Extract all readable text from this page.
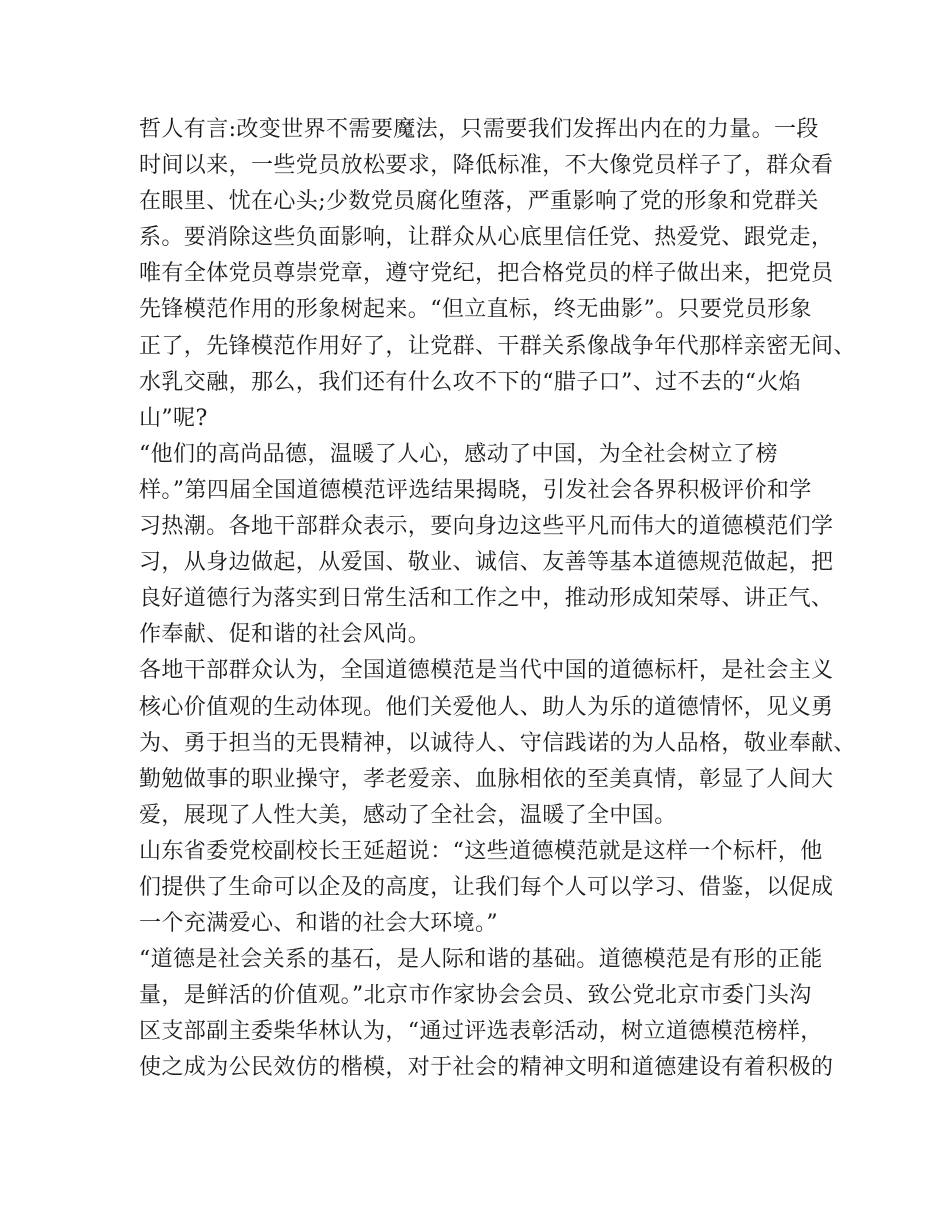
哲人有言:改变世界不需要魔法，只需要我们发挥出内在的力量。一段
时间以来，一些党员放松要求，降低标准，不大像党员样子了，群众看
在眼里、忧在心头;少数党员腐化堕落，严重影响了党的形象和党群关
系。要消除这些负面影响，让群众从心底里信任党、热爱党、跟党走，
唯有全体党员尊崇党章，遵守党纪，把合格党员的样子做出来，把党员
先锋模范作用的形象树起来。“但立直标，终无曲影”。只要党员形象
正了，先锋模范作用好了，让党群、干群关系像战争年代那样亲密无间、
水乳交融，那么，我们还有什么攻不下的“腊子口”、过不去的“火焰
山”呢?
“他们的高尚品德，温暖了人心，感动了中国，为全社会树立了榜
样。”第四届全国道德模范评选结果揭晓，引发社会各界积极评价和学
习热潮。各地干部群众表示，要向身边这些平凡而伟大的道德模范们学
习，从身边做起，从爱国、敬业、诚信、友善等基本道德规范做起，把
良好道德行为落实到日常生活和工作之中，推动形成知荣辱、讲正气、
作奉献、促和谐的社会风尚。
各地干部群众认为，全国道德模范是当代中国的道德标杆，是社会主义
核心价值观的生动体现。他们关爱他人、助人为乐的道德情怀，见义勇
为、勇于担当的无畏精神，以诚待人、守信践诺的为人品格，敬业奉献、
勤勉做事的职业操守，孝老爱亲、血脉相依的至美真情，彰显了人间大
爱，展现了人性大美，感动了全社会，温暖了全中国。
山东省委党校副校长王延超说：“这些道德模范就是这样一个标杆，他
们提供了生命可以企及的高度，让我们每个人可以学习、借鉴，以促成
一个充满爱心、和谐的社会大环境。”
“道德是社会关系的基石，是人际和谐的基础。道德模范是有形的正能
量，是鲜活的价值观。”北京市作家协会会员、致公党北京市委门头沟
区支部副主委柴华林认为，“通过评选表彰活动，树立道德模范榜样，
使之成为公民效仿的楷模，对于社会的精神文明和道德建设有着积极的
